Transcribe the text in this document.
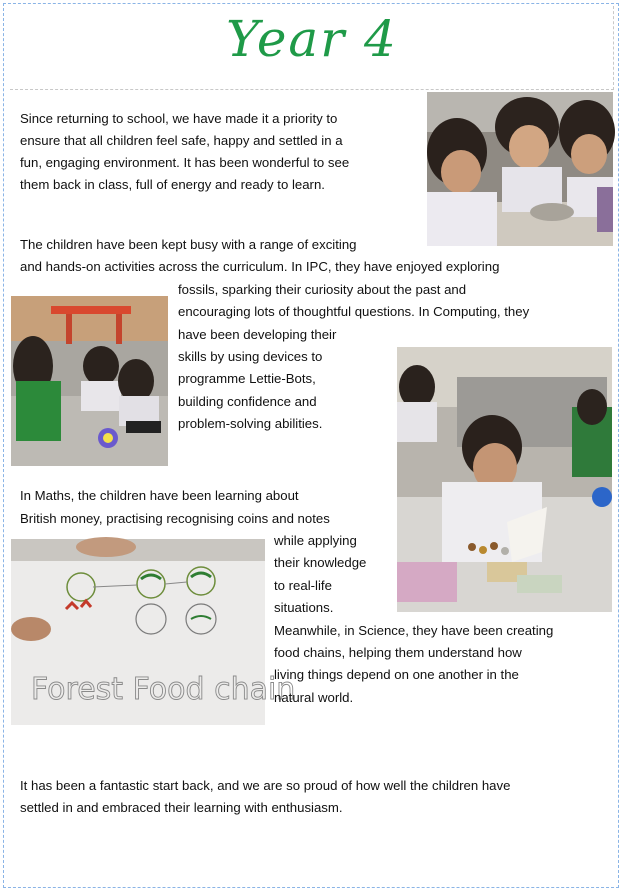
Year 4
Since returning to school, we have made it a priority to
ensure that all children feel safe, happy and settled in a
fun, engaging environment. It has been wonderful to see
them back in class, full of energy and ready to learn.
The children have been kept busy with a range of exciting
and hands-on activities across the curriculum. In IPC, they have enjoyed exploring
fossils, sparking their curiosity about the past and
encouraging lots of thoughtful questions. In Computing, they
have been developing their
skills by using devices to
programme Lettie-Bots,
building confidence and
problem-solving abilities.
In Maths, the children have been learning about
British money, practising recognising coins and notes
Forest Food chain
while applying
their knowledge
to real-life
situations.
Meanwhile, in Science, they have been creating
food chains, helping them understand how
living things depend on one another in the
natural world.
It has been a fantastic start back, and we are so proud of how well the children have
settled in and embraced their learning with enthusiasm.
